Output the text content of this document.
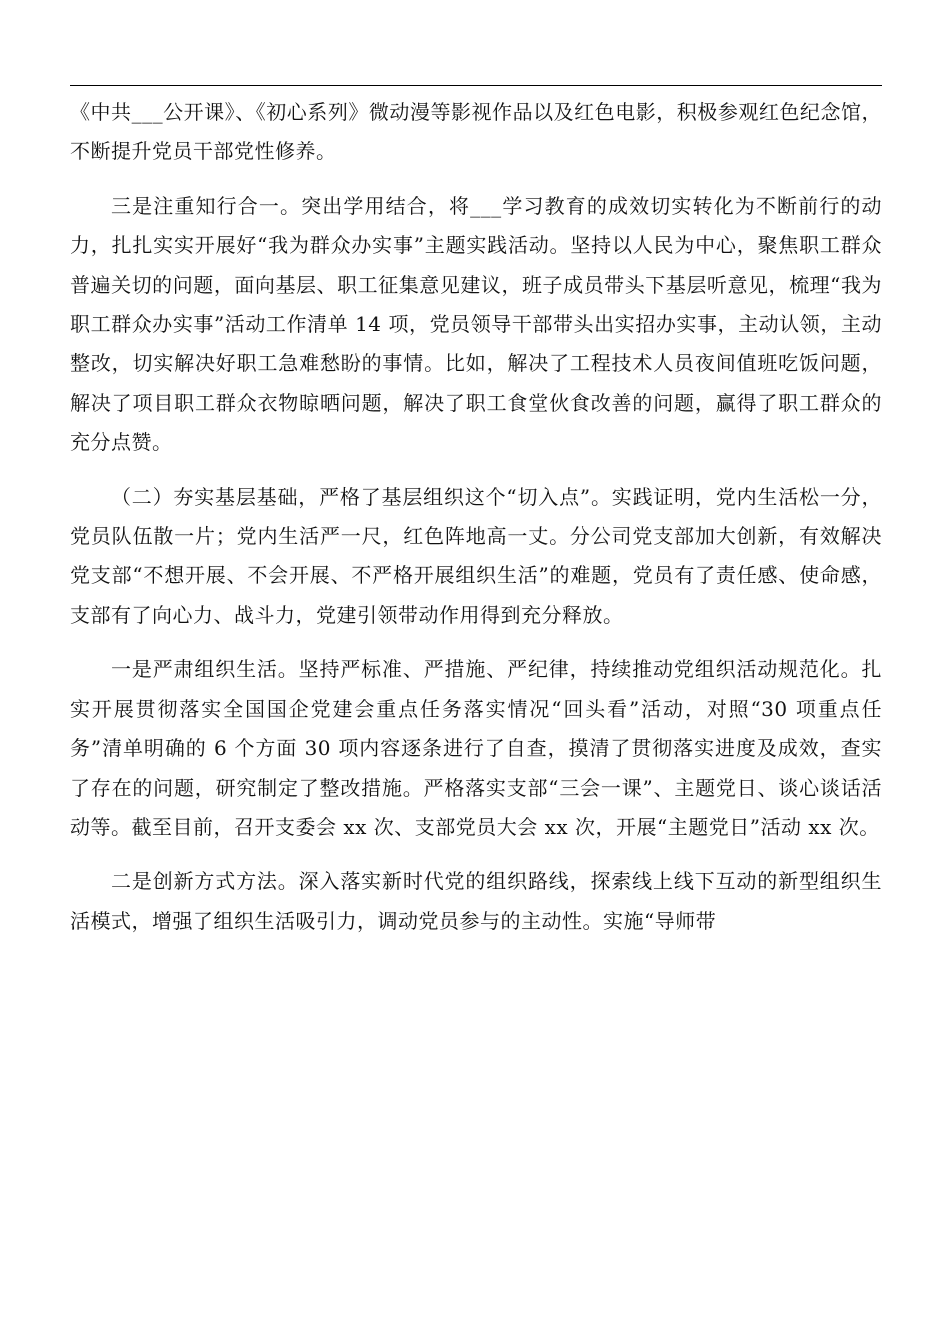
《中共___公开课》、《初心系列》微动漫等影视作品以及红色电影，积极参观红色纪念馆，不断提升党员干部党性修养。

三是注重知行合一。突出学用结合，将___学习教育的成效切实转化为不断前行的动力，扎扎实实开展好“我为群众办实事”主题实践活动。坚持以人民为中心，聚焦职工群众普遍关切的问题，面向基层、职工征集意见建议，班子成员带头下基层听意见，梳理“我为职工群众办实事”活动工作清单 14 项，党员领导干部带头出实招办实事，主动认领，主动整改，切实解决好职工急难愁盼的事情。比如，解决了工程技术人员夜间值班吃饭问题，解决了项目职工群众衣物晾晒问题，解决了职工食堂伙食改善的问题，赢得了职工群众的充分点赞。

（二）夯实基层基础，严格了基层组织这个“切入点”。实践证明，党内生活松一分，党员队伍散一片；党内生活严一尺，红色阵地高一丈。分公司党支部加大创新，有效解决党支部“不想开展、不会开展、不严格开展组织生活”的难题，党员有了责任感、使命感，支部有了向心力、战斗力，党建引领带动作用得到充分释放。

一是严肃组织生活。坚持严标准、严措施、严纪律，持续推动党组织活动规范化。扎实开展贯彻落实全国国企党建会重点任务落实情况“回头看”活动，对照“30 项重点任务”清单明确的 6 个方面 30 项内容逐条进行了自查，摸清了贯彻落实进度及成效，查实了存在的问题，研究制定了整改措施。严格落实支部“三会一课”、主题党日、谈心谈话活动等。截至目前，召开支委会 xx 次、支部党员大会 xx 次，开展“主题党日”活动 xx 次。

二是创新方式方法。深入落实新时代党的组织路线，探索线上线下互动的新型组织生活模式，增强了组织生活吸引力，调动党员参与的主动性。实施“导师带
